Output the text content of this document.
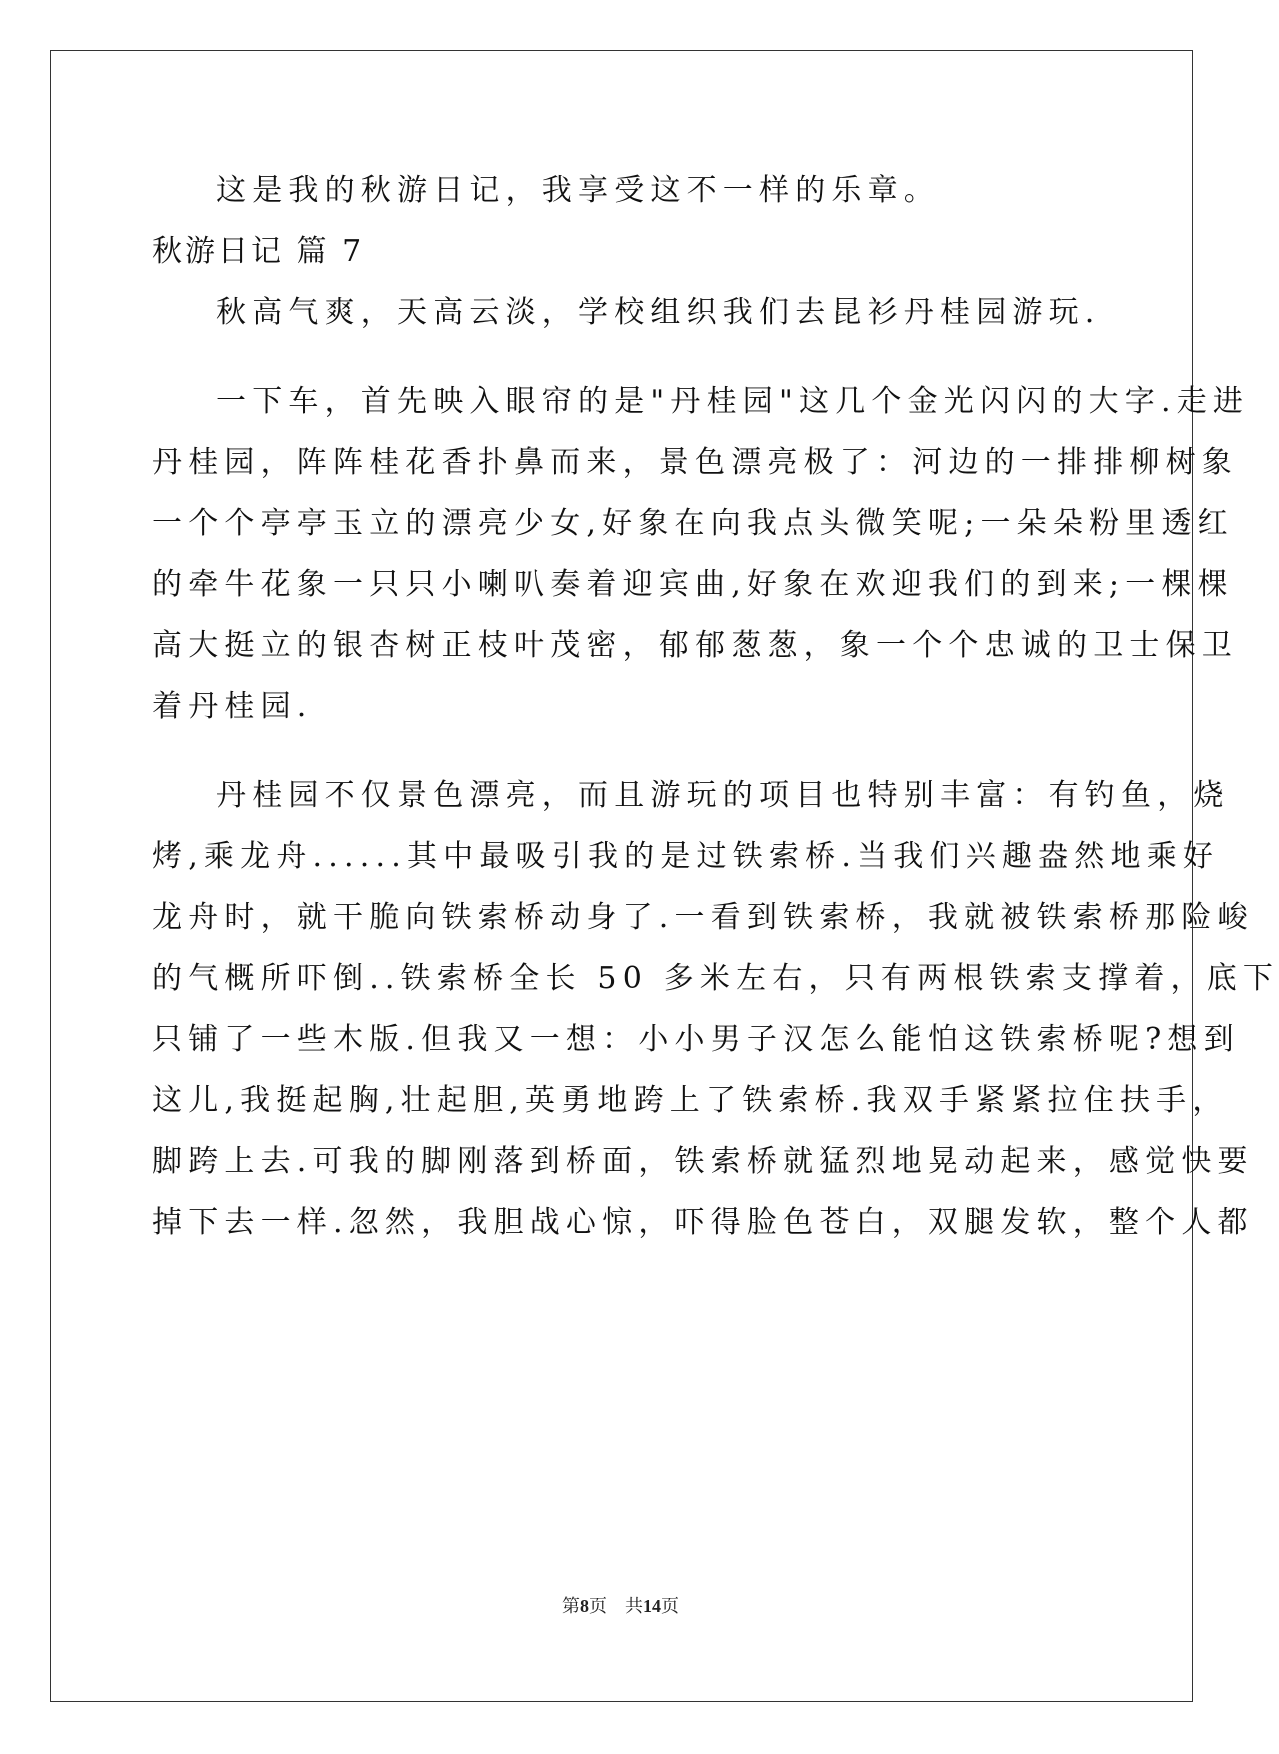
这是我的秋游日记，我享受这不一样的乐章。
秋游日记 篇 7
秋高气爽，天高云淡，学校组织我们去昆衫丹桂园游玩.
一下车，首先映入眼帘的是"丹桂园"这几个金光闪闪的大字.走进
丹桂园，阵阵桂花香扑鼻而来，景色漂亮极了：河边的一排排柳树象
一个个亭亭玉立的漂亮少女,好象在向我点头微笑呢;一朵朵粉里透红
的牵牛花象一只只小喇叭奏着迎宾曲,好象在欢迎我们的到来;一棵棵
高大挺立的银杏树正枝叶茂密，郁郁葱葱，象一个个忠诚的卫士保卫
着丹桂园.
丹桂园不仅景色漂亮，而且游玩的项目也特别丰富：有钓鱼，烧
烤,乘龙舟......其中最吸引我的是过铁索桥.当我们兴趣盎然地乘好
龙舟时，就干脆向铁索桥动身了.一看到铁索桥，我就被铁索桥那险峻
的气概所吓倒..铁索桥全长 50 多米左右，只有两根铁索支撑着，底下
只铺了一些木版.但我又一想：小小男子汉怎么能怕这铁索桥呢?想到
这儿,我挺起胸,壮起胆,英勇地跨上了铁索桥.我双手紧紧拉住扶手，
脚跨上去.可我的脚刚落到桥面，铁索桥就猛烈地晃动起来，感觉快要
掉下去一样.忽然，我胆战心惊，吓得脸色苍白，双腿发软，整个人都
第8页 共14页
